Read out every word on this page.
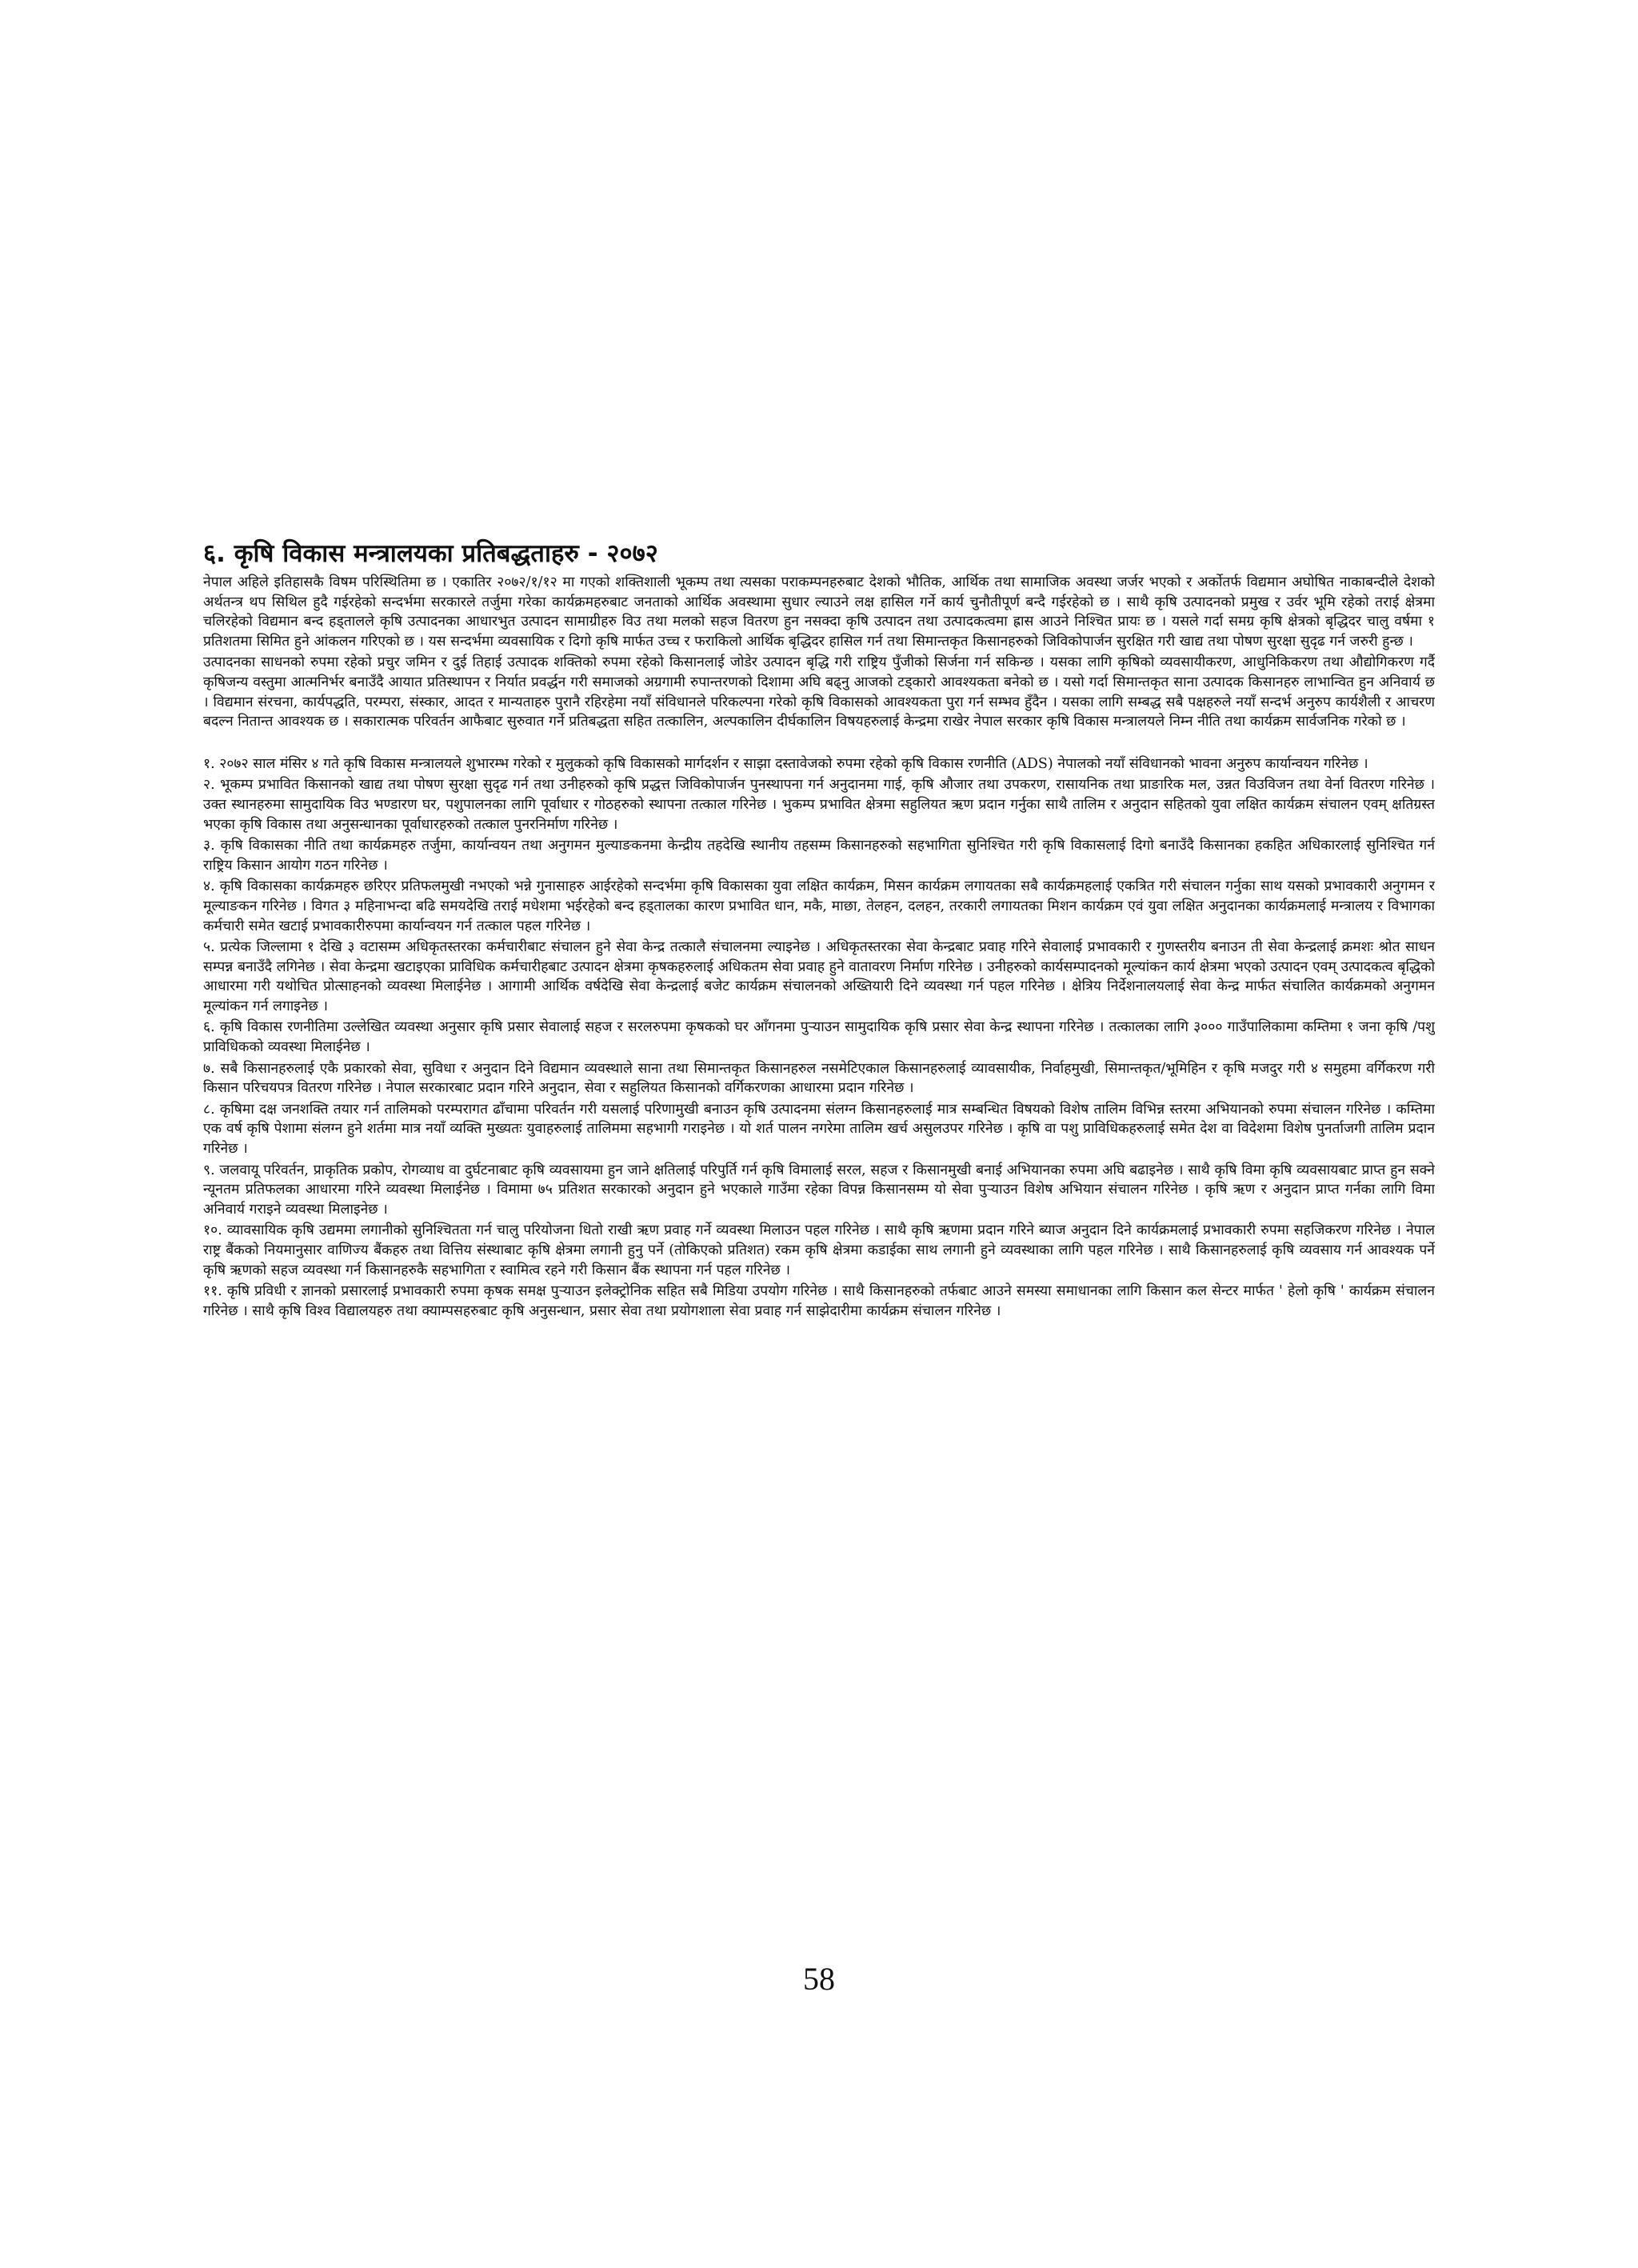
६. कृषि विकास मन्त्रालयका प्रतिबद्धताहरु - २०७२

नेपाल अहिले इतिहासकै विषम परिस्थितिमा छ । एकातिर २०७२/१/१२ मा गएको शक्तिशाली भूकम्प तथा त्यसका पराकम्पनहरुबाट देशको भौतिक, आर्थिक तथा सामाजिक अवस्था जर्जर भएको र अर्कोतर्फ विद्यमान अघोषित नाकाबन्दीले देशको अर्थतन्त्र थप सिथिल हुदै गईरहेको सन्दर्भमा सरकारले तर्जुमा गरेका कार्यक्रमहरुबाट जनताको आर्थिक अवस्थामा सुधार ल्याउने लक्ष हासिल गर्ने कार्य चुनौतीपूर्ण बन्दै गईरहेको छ । साथै कृषि उत्पादनको प्रमुख र उर्वर भूमि रहेको तराई क्षेत्रमा चलिरहेको विद्यमान बन्द हड्तालले कृषि उत्पादनका आधारभुत उत्पादन सामाग्रीहरु विउ तथा मलको सहज वितरण हुन नसक्दा कृषि उत्पादन तथा उत्पादकत्वमा ह्रास आउने निश्चित प्रायः छ । यसले गर्दा समग्र कृषि क्षेत्रको बृद्धिदर चालु वर्षमा १ प्रतिशतमा सिमित हुने आंकलन गरिएको छ । यस सन्दर्भमा व्यवसायिक र दिगो कृषि मार्फत उच्च र फराकिलो आर्थिक बृद्धिदर हासिल गर्न तथा सिमान्तकृत किसानहरुको जिविकोपार्जन सुरक्षित गरी खाद्य तथा पोषण सुरक्षा सुदृढ गर्न जरुरी हुन्छ ।

उत्पादनका साधनको रुपमा रहेको प्रचुर जमिन र दुई तिहाई उत्पादक शक्तिको रुपमा रहेको किसानलाई जोडेर उत्पादन बृद्धि गरी राष्ट्रिय पुँजीको सिर्जना गर्न सकिन्छ । यसका लागि कृषिको व्यवसायीकरण, आधुनिकिकरण तथा औद्योगिकरण गर्दै कृषिजन्य वस्तुमा आत्मनिर्भर बनाउँदै आयात प्रतिस्थापन र निर्यात प्रवर्द्धन गरी समाजको अग्रगामी रुपान्तरणको दिशामा अघि बढ्नु आजको टड्कारो आवश्यकता बनेको छ । यसो गर्दा सिमान्तकृत साना उत्पादक किसानहरु लाभान्वित हुन अनिवार्य छ । विद्यमान संरचना, कार्यपद्धति, परम्परा, संस्कार, आदत र मान्यताहरु पुरानै रहिरहेमा नयाँ संविधानले परिकल्पना गरेको कृषि विकासको आवश्यकता पुरा गर्न सम्भव हुँदैन । यसका लागि सम्बद्ध सबै पक्षहरुले नयाँ सन्दर्भ अनुरुप कार्यशैली र आचरण बदल्न नितान्त आवश्यक छ । सकारात्मक परिवर्तन आफैबाट सुरुवात गर्ने प्रतिबद्धता सहित तत्कालिन, अल्पकालिन दीर्घकालिन विषयहरुलाई केन्द्रमा राखेर नेपाल सरकार कृषि विकास मन्त्रालयले निम्न नीति तथा कार्यक्रम सार्वजनिक गरेको छ ।

१. २०७२ साल मंसिर ४ गते कृषि विकास मन्त्रालयले शुभारम्भ गरेको र मुलुकको कृषि विकासको मार्गदर्शन र साझा दस्तावेजको रुपमा रहेको कृषि विकास रणनीति (ADS) नेपालको नयाँ संविधानको भावना अनुरुप कार्यान्वयन गरिनेछ ।

२. भूकम्प प्रभावित किसानको खाद्य तथा पोषण सुरक्षा सुदृढ गर्न तथा उनीहरुको कृषि प्रद्धत्त जिविकोपार्जन पुनस्थापना गर्न अनुदानमा गाई, कृषि औजार तथा उपकरण, रासायनिक तथा प्राङारिक मल, उन्नत विउविजन तथा वेर्ना वितरण गरिनेछ । उक्त स्थानहरुमा सामुदायिक विउ भण्डारण घर, पशुपालनका लागि पूर्वाधार र गोठहरुको स्थापना तत्काल गरिनेछ । भुकम्प प्रभावित क्षेत्रमा सहुलियत ऋण प्रदान गर्नुका साथै तालिम र अनुदान सहितको युवा लक्षित कार्यक्रम संचालन एवम् क्षतिग्रस्त भएका कृषि विकास तथा अनुसन्धानका पूर्वाधारहरुको तत्काल पुनरनिर्माण गरिनेछ ।

३. कृषि विकासका नीति तथा कार्यक्रमहरु तर्जुमा, कार्यान्वयन तथा अनुगमन मुल्याङकनमा केन्द्रीय तहदेखि स्थानीय तहसम्म किसानहरुको सहभागिता सुनिश्चित गरी कृषि विकासलाई दिगो बनाउँदै किसानका हकहित अधिकारलाई सुनिश्चित गर्न राष्ट्रिय किसान आयोग गठन गरिनेछ ।

४. कृषि विकासका कार्यक्रमहरु छरिएर प्रतिफलमुखी नभएको भन्ने गुनासाहरु आईरहेको सन्दर्भमा कृषि विकासका युवा लक्षित कार्यक्रम, मिसन कार्यक्रम लगायतका सबै कार्यक्रमहलाई एकत्रित गरी संचालन गर्नुका साथ यसको प्रभावकारी अनुगमन र मूल्याङकन गरिनेछ । विगत ३ महिनाभन्दा बढि समयदेखि तराई मधेशमा भईरहेको बन्द हड्तालका कारण प्रभावित धान, मकै, माछा, तेलहन, दलहन, तरकारी लगायतका मिशन कार्यक्रम एवं युवा लक्षित अनुदानका कार्यक्रमलाई मन्त्रालय र विभागका कर्मचारी समेत खटाई प्रभावकारीरुपमा कार्यान्वयन गर्न तत्काल पहल गरिनेछ ।

५. प्रत्येक जिल्लामा १ देखि ३ वटासम्म अधिकृतस्तरका कर्मचारीबाट संचालन हुने सेवा केन्द्र तत्कालै संचालनमा ल्याइनेछ । अधिकृतस्तरका सेवा केन्द्रबाट प्रवाह गरिने सेवालाई प्रभावकारी र गुणस्तरीय बनाउन ती सेवा केन्द्रलाई क्रमशः श्रोत साधन सम्पन्न बनाउँदै लगिनेछ । सेवा केन्द्रमा खटाइएका प्राविधिक कर्मचारीहबाट उत्पादन क्षेत्रमा कृषकहरुलाई अधिकतम सेवा प्रवाह हुने वातावरण निर्माण गरिनेछ । उनीहरुको कार्यसम्पादनको मूल्यांकन कार्य क्षेत्रमा भएको उत्पादन एवम् उत्पादकत्व बृद्धिको आधारमा गरी यथोचित प्रोत्साहनको व्यवस्था मिलाईनेछ । आगामी आर्थिक वर्षदेखि सेवा केन्द्रलाई बजेट कार्यक्रम संचालनको अख्तियारी दिने व्यवस्था गर्न पहल गरिनेछ । क्षेत्रिय निर्देशनालयलाई सेवा केन्द्र मार्फत संचालित कार्यक्रमको अनुगमन मूल्यांकन गर्न लगाइनेछ ।

६. कृषि विकास रणनीतिमा उल्लेखित व्यवस्था अनुसार कृषि प्रसार सेवालाई सहज र सरलरुपमा कृषकको घर आँगनमा पुऱ्याउन सामुदायिक कृषि प्रसार सेवा केन्द्र स्थापना गरिनेछ । तत्कालका लागि ३००० गाउँपालिकामा कम्तिमा १ जना कृषि /पशु प्राविधिकको व्यवस्था मिलाईनेछ ।

७. सबै किसानहरुलाई एकै प्रकारको सेवा, सुविधा र अनुदान दिने विद्यमान व्यवस्थाले साना तथा सिमान्तकृत किसानहरुल नसमेटिएकाल किसानहरुलाई व्यावसायीक, निर्वाहमुखी, सिमान्तकृत/भूमिहिन र कृषि मजदुर गरी ४ समुहमा वर्गिकरण गरी किसान परिचयपत्र वितरण गरिनेछ । नेपाल सरकारबाट प्रदान गरिने अनुदान, सेवा र सहुलियत किसानको वर्गिकरणका आधारमा प्रदान गरिनेछ ।

८. कृषिमा दक्ष जनशक्ति तयार गर्न तालिमको परम्परागत ढाँचामा परिवर्तन गरी यसलाई परिणामुखी बनाउन कृषि उत्पादनमा संलग्न किसानहरुलाई मात्र सम्बन्धित विषयको विशेष तालिम विभिन्न स्तरमा अभियानको रुपमा संचालन गरिनेछ । कम्तिमा एक वर्ष कृषि पेशामा संलग्न हुने शर्तमा मात्र नयाँ व्यक्ति मुख्यतः युवाहरुलाई तालिममा सहभागी गराइनेछ । यो शर्त पालन नगरेमा तालिम खर्च असुलउपर गरिनेछ । कृषि वा पशु प्राविधिकहरुलाई समेत देश वा विदेशमा विशेष पुनर्ताजगी तालिम प्रदान गरिनेछ ।

९. जलवायू परिवर्तन, प्राकृतिक प्रकोप, रोगव्याध वा दुर्घटनाबाट कृषि व्यवसायमा हुन जाने क्षतिलाई परिपुर्ति गर्न कृषि विमालाई सरल, सहज र किसानमुखी बनाई अभियानका रुपमा अघि बढाइनेछ । साथै कृषि विमा कृषि व्यवसायबाट प्राप्त हुन सक्ने न्यूनतम प्रतिफलका आधारमा गरिने व्यवस्था मिलाईनेछ । विमामा ७५ प्रतिशत सरकारको अनुदान हुने भएकाले गाउँमा रहेका विपन्न किसानसम्म यो सेवा पुऱ्याउन विशेष अभियान संचालन गरिनेछ । कृषि ऋण र अनुदान प्राप्त गर्नका लागि विमा अनिवार्य गराइने व्यवस्था मिलाइनेछ ।

१०. व्यावसायिक कृषि उद्यममा लगानीको सुनिश्चितता गर्न चालु परियोजना धितो राखी ऋण प्रवाह गर्ने व्यवस्था मिलाउन पहल गरिनेछ । साथै कृषि ऋणमा प्रदान गरिने ब्याज अनुदान दिने कार्यक्रमलाई प्रभावकारी रुपमा सहजिकरण गरिनेछ । नेपाल राष्ट्र बैंकको नियमानुसार वाणिज्य बैंकहरु तथा वित्तिय संस्थाबाट कृषि क्षेत्रमा लगानी हुनु पर्ने (तोकिएको प्रतिशत) रकम कृषि क्षेत्रमा कडाईका साथ लगानी हुने व्यवस्थाका लागि पहल गरिनेछ । साथै किसानहरुलाई कृषि व्यवसाय गर्न आवश्यक पर्ने कृषि ऋणको सहज व्यवस्था गर्न किसानहरुकै सहभागिता र स्वामित्व रहने गरी किसान बैंक स्थापना गर्न पहल गरिनेछ ।

११. कृषि प्रविधी र ज्ञानको प्रसारलाई प्रभावकारी रुपमा कृषक समक्ष पुऱ्याउन इलेक्ट्रोनिक सहित सबै मिडिया उपयोग गरिनेछ । साथै किसानहरुको तर्फबाट आउने समस्या समाधानका लागि किसान कल सेन्टर मार्फत ' हेलो कृषि ' कार्यक्रम संचालन गरिनेछ । साथै कृषि विश्व विद्यालयहरु तथा क्याम्पसहरुबाट कृषि अनुसन्धान, प्रसार सेवा तथा प्रयोगशाला सेवा प्रवाह गर्न साझेदारीमा कार्यक्रम संचालन गरिनेछ ।

58
